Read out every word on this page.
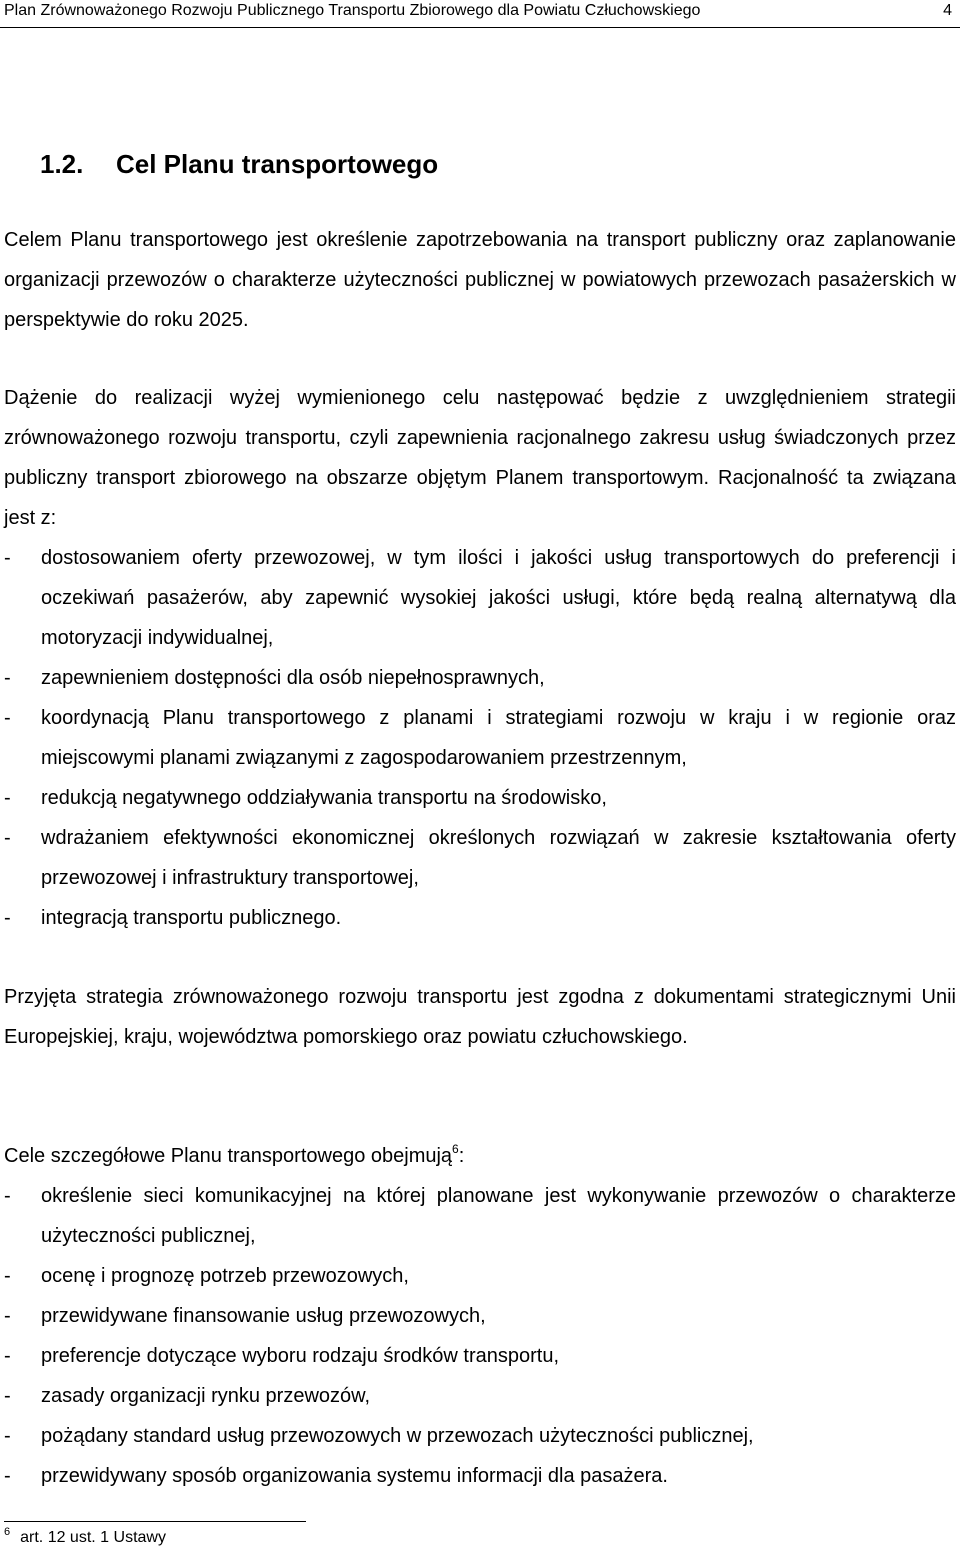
Plan Zrównoważonego Rozwoju Publicznego Transportu Zbiorowego dla Powiatu Człuchowskiego	4
1.2. Cel Planu transportowego
Celem Planu transportowego jest określenie zapotrzebowania na transport publiczny oraz zaplanowanie organizacji przewozów o charakterze użyteczności publicznej w powiatowych przewozach pasażerskich w perspektywie do roku 2025.
Dążenie do realizacji wyżej wymienionego celu następować będzie z uwzględnieniem strategii zrównoważonego rozwoju transportu, czyli zapewnienia racjonalnego zakresu usług świadczonych przez publiczny transport zbiorowego na obszarze objętym Planem transportowym. Racjonalność ta związana jest z:
- dostosowaniem oferty przewozowej, w tym ilości i jakości usług transportowych do preferencji i oczekiwań pasażerów, aby zapewnić wysokiej jakości usługi, które będą realną alternatywą dla motoryzacji indywidualnej,
- zapewnieniem dostępności dla osób niepełnosprawnych,
- koordynacją Planu transportowego z planami i strategiami rozwoju w kraju i w regionie oraz miejscowymi planami związanymi z zagospodarowaniem przestrzennym,
- redukcją negatywnego oddziaływania transportu na środowisko,
- wdrażaniem efektywności ekonomicznej określonych rozwiązań w zakresie kształtowania oferty przewozowej i infrastruktury transportowej,
- integracją transportu publicznego.
Przyjęta strategia zrównoważonego rozwoju transportu jest zgodna z dokumentami strategicznymi Unii Europejskiej, kraju, województwa pomorskiego oraz powiatu człuchowskiego.
Cele szczegółowe Planu transportowego obejmują$^6$:
- określenie sieci komunikacyjnej na której planowane jest wykonywanie przewozów o charakterze użyteczności publicznej,
- ocenę i prognozę potrzeb przewozowych,
- przewidywane finansowanie usług przewozowych,
- preferencje dotyczące wyboru rodzaju środków transportu,
- zasady organizacji rynku przewozów,
- pożądany standard usług przewozowych w przewozach użyteczności publicznej,
- przewidywany sposób organizowania systemu informacji dla pasażera.
$^6$ art. 12 ust. 1 Ustawy
